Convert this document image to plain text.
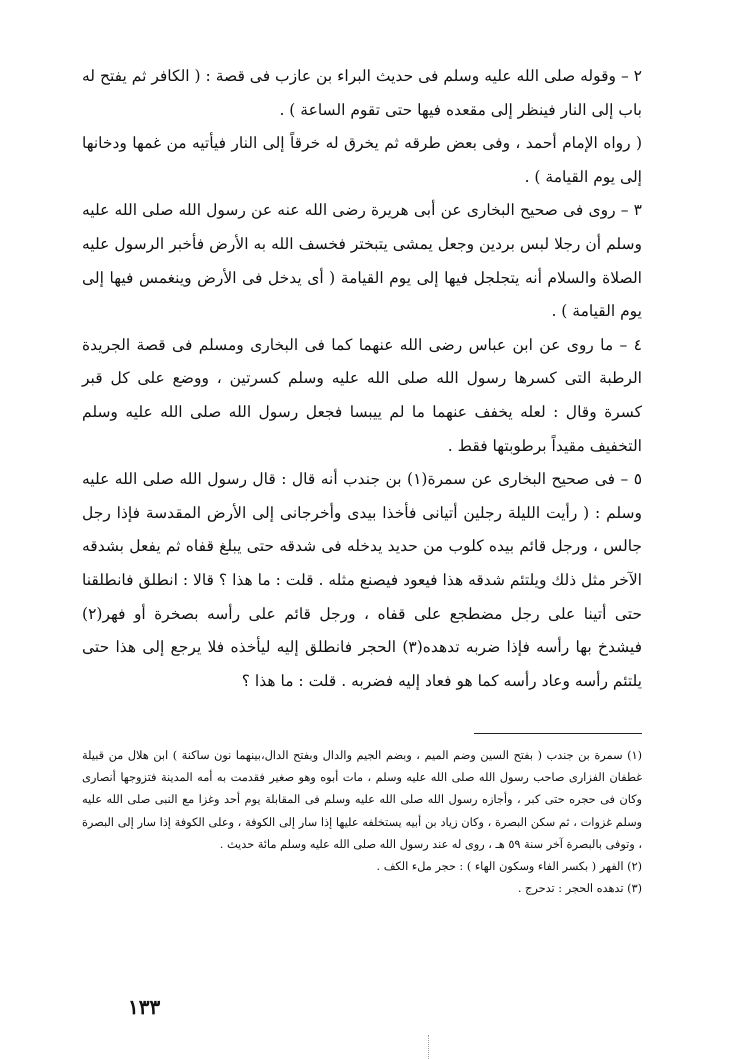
٢ – وقوله صلى الله عليه وسلم فى حديث البراء بن عازب فى قصة : ( الكافر ثم يفتح له باب إلى النار فينظر إلى مقعده فيها حتى تقوم الساعة ) .

( رواه الإمام أحمد ، وفى بعض طرقه ثم يخرق له خرقاً إلى النار فيأتيه من غمها ودخانها إلى يوم القيامة ) .

٣ – روى فى صحيح البخارى عن أبى هريرة رضى الله عنه عن رسول الله صلى الله عليه وسلم أن رجلا لبس بردين وجعل يمشى يتبختر فخسف الله به الأرض فأخبر الرسول عليه الصلاة والسلام أنه يتجلجل فيها إلى يوم القيامة ( أى يدخل فى الأرض وينغمس فيها إلى يوم القيامة ) .

٤ – ما روى عن ابن عباس رضى الله عنهما كما فى البخارى ومسلم فى قصة الجريدة الرطبة التى كسرها رسول الله صلى الله عليه وسلم كسرتين ، ووضع على كل قبر كسرة وقال : لعله يخفف عنهما ما لم ييبسا فجعل رسول الله صلى الله عليه وسلم التخفيف مقيداً برطوبتها فقط .

٥ – فى صحيح البخارى عن سمرة(١) بن جندب أنه قال : قال رسول الله صلى الله عليه وسلم : ( رأيت الليلة رجلين أتيانى فأخذا بيدى وأخرجانى إلى الأرض المقدسة فإذا رجل جالس ، ورجل قائم بيده كلوب من حديد يدخله فى شدقه حتى يبلغ قفاه ثم يفعل بشدقه الآخر مثل ذلك ويلتئم شدقه هذا فيعود فيصنع مثله . قلت : ما هذا ؟ قالا : انطلق فانطلقنا حتى أتينا على رجل مضطجع على قفاه ، ورجل قائم على رأسه بصخرة أو فهر(٢) فيشدخ بها رأسه فإذا ضربه تدهده(٣) الحجر فانطلق إليه ليأخذه فلا يرجع إلى هذا حتى يلتئم رأسه وعاد رأسه كما هو فعاد إليه فضربه . قلت : ما هذا ؟

(١) سمرة بن جندب ( بفتح السين وضم الميم ، وبضم الجيم والدال وبفتح الدال،بينهما نون ساكنة ) ابن هلال من قبيلة غطفان الفزارى صاحب رسول الله صلى الله عليه وسلم ، مات أبوه وهو صغير فقدمت به أمه المدينة فتزوجها أنصارى وكان فى حجره حتى كبر ، وأجازه رسول الله صلى الله عليه وسلم فى المقابلة يوم أحد وغزا مع النبى صلى الله عليه وسلم غزوات ، ثم سكن البصرة ، وكان زياد بن أبيه يستخلفه عليها إذا سار إلى الكوفة ، وعلى الكوفة إذا سار إلى البصرة ، وتوفى بالبصرة آخر سنة ٥٩ هـ ، روى له عند رسول الله صلى الله عليه وسلم مائة حديث .

(٢) الفهر ( بكسر الفاء وسكون الهاء ) : حجر ملء الكف .

(٣) تدهده الحجر : تدحرج .

١٣٣
